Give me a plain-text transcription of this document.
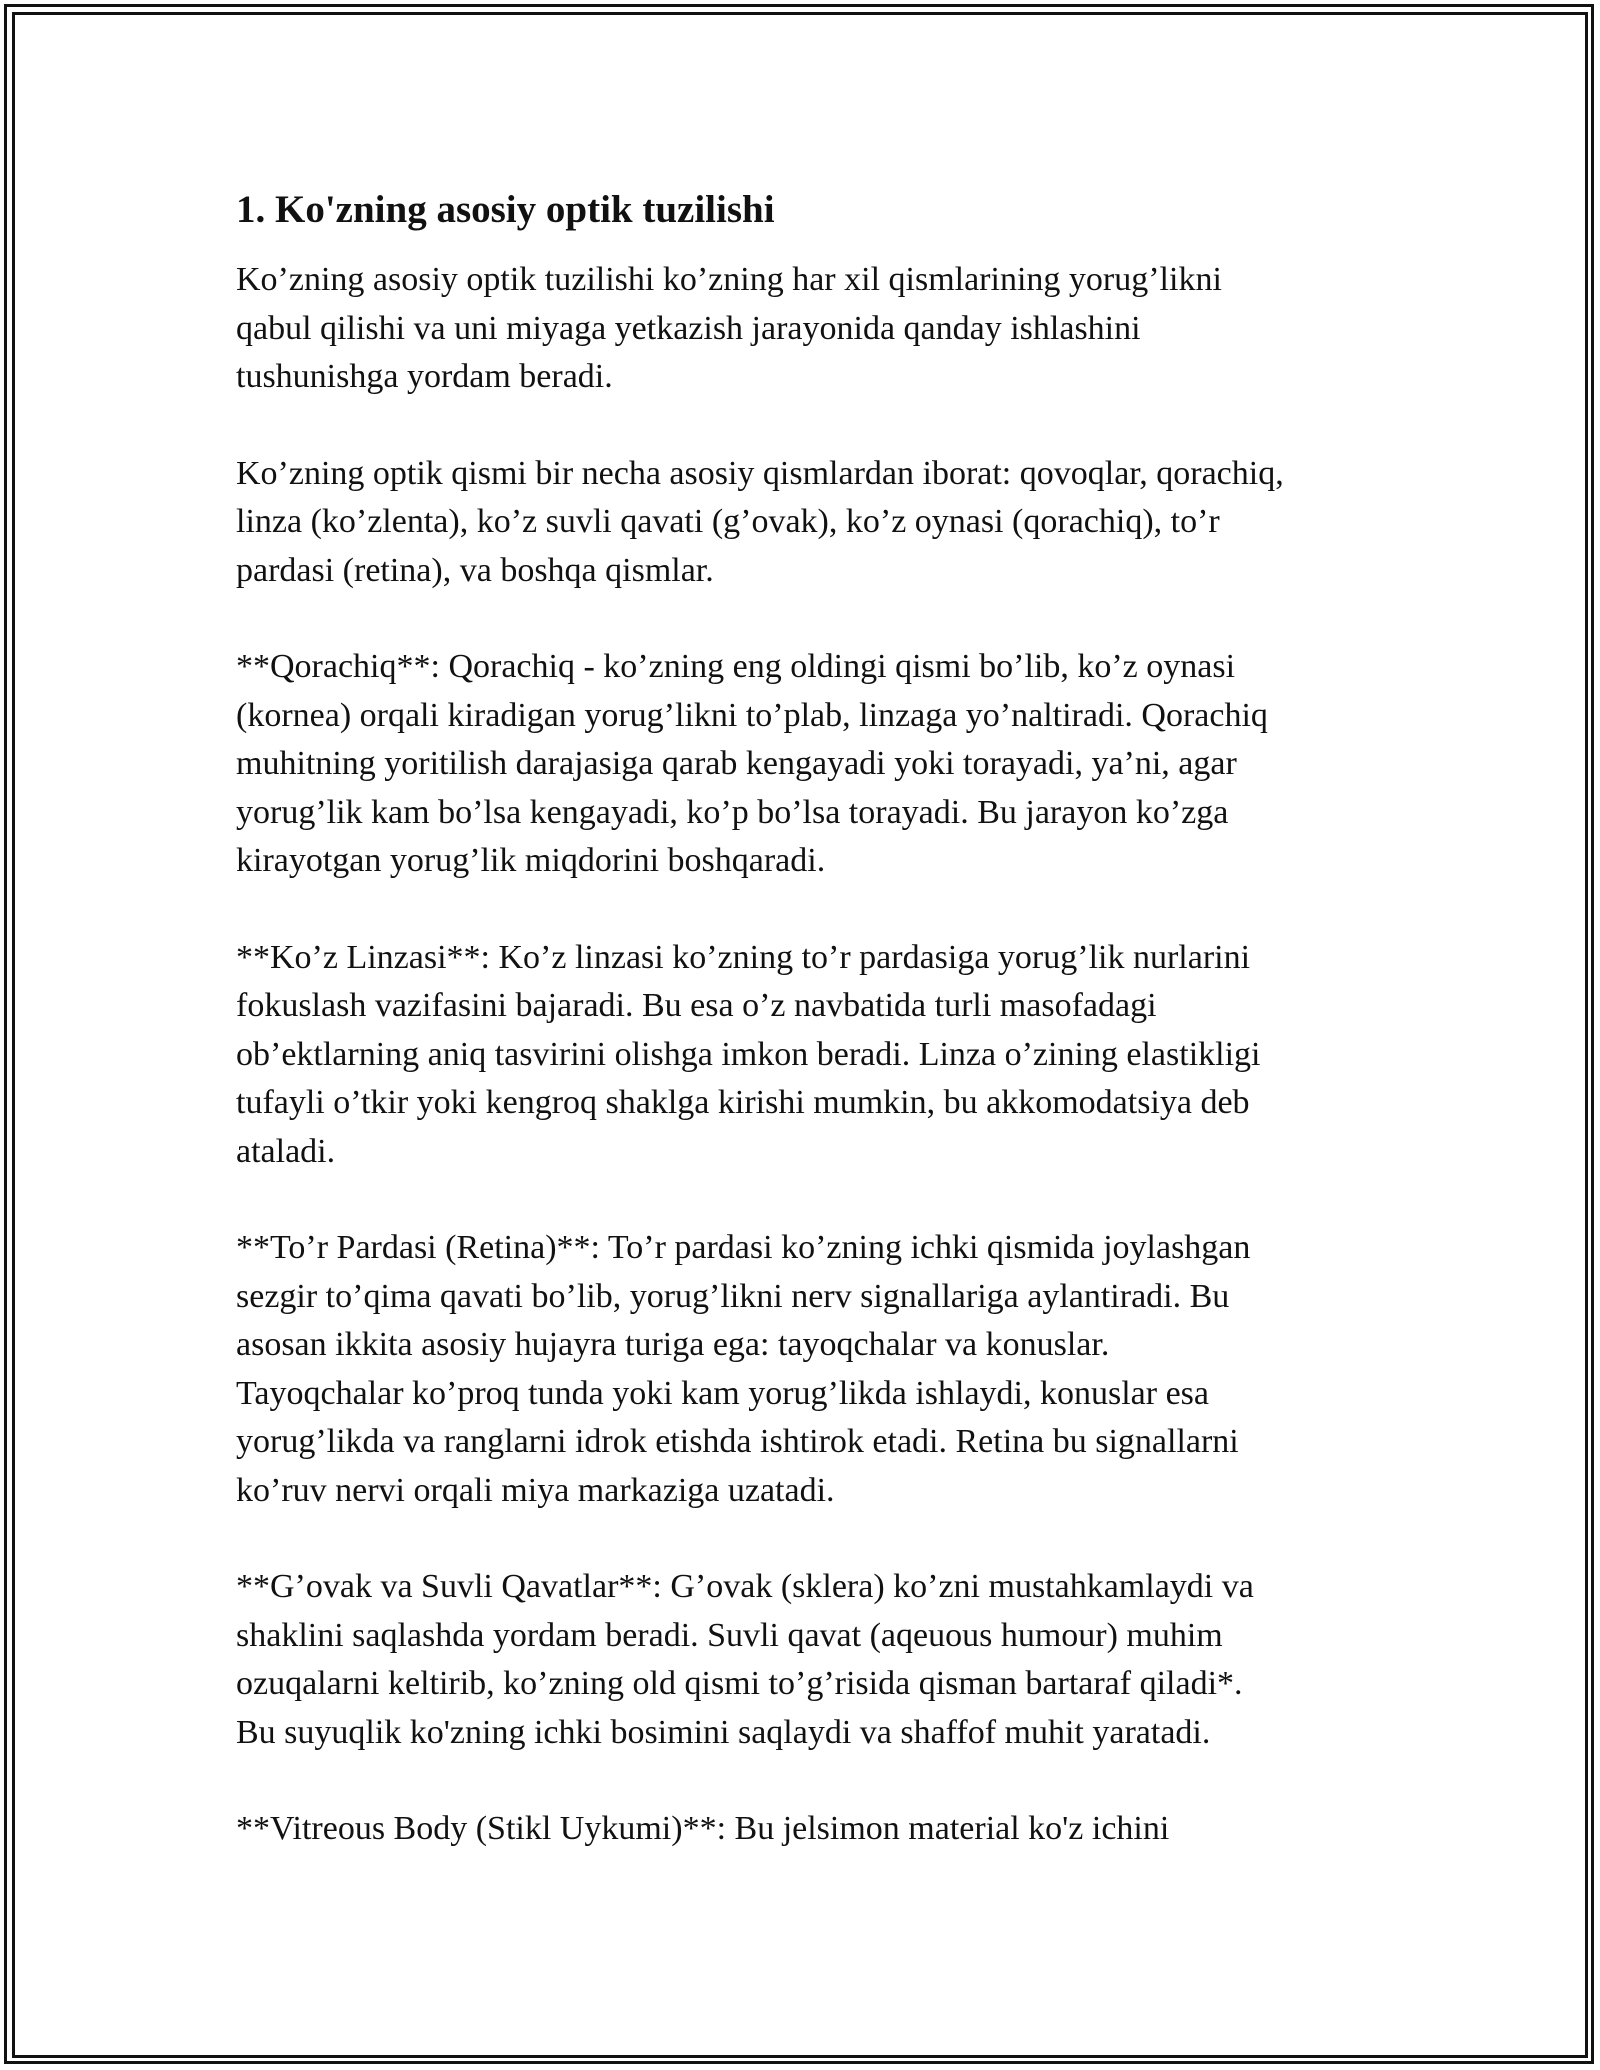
1. Ko'zning asosiy optik tuzilishi
Ko’zning asosiy optik tuzilishi ko’zning har xil qismlarining yorug’likni
qabul qilishi va uni miyaga yetkazish jarayonida qanday ishlashini
tushunishga yordam beradi.
Ko’zning optik qismi bir necha asosiy qismlardan iborat: qovoqlar, qorachiq,
linza (ko’zlenta), ko’z suvli qavati (g’ovak), ko’z oynasi (qorachiq), to’r
pardasi (retina), va boshqa qismlar.
**Qorachiq**: Qorachiq - ko’zning eng oldingi qismi bo’lib, ko’z oynasi
(kornea) orqali kiradigan yorug’likni to’plab, linzaga yo’naltiradi. Qorachiq
muhitning yoritilish darajasiga qarab kengayadi yoki torayadi, ya’ni, agar
yorug’lik kam bo’lsa kengayadi, ko’p bo’lsa torayadi. Bu jarayon ko’zga
kirayotgan yorug’lik miqdorini boshqaradi.
**Ko’z Linzasi**: Ko’z linzasi ko’zning to’r pardasiga yorug’lik nurlarini
fokuslash vazifasini bajaradi. Bu esa o’z navbatida turli masofadagi
ob’ektlarning aniq tasvirini olishga imkon beradi. Linza o’zining elastikligi
tufayli o’tkir yoki kengroq shaklga kirishi mumkin, bu akkomodatsiya deb
ataladi.
**To’r Pardasi (Retina)**: To’r pardasi ko’zning ichki qismida joylashgan
sezgir to’qima qavati bo’lib, yorug’likni nerv signallariga aylantiradi. Bu
asosan ikkita asosiy hujayra turiga ega: tayoqchalar va konuslar.
Tayoqchalar ko’proq tunda yoki kam yorug’likda ishlaydi, konuslar esa
yorug’likda va ranglarni idrok etishda ishtirok etadi. Retina bu signallarni
ko’ruv nervi orqali miya markaziga uzatadi.
**G’ovak va Suvli Qavatlar**: G’ovak (sklera) ko’zni mustahkamlaydi va
shaklini saqlashda yordam beradi. Suvli qavat (aqeuous humour) muhim
ozuqalarni keltirib, ko’zning old qismi to’g’risida qisman bartaraf qiladi*.
Bu suyuqlik ko'zning ichki bosimini saqlaydi va shaffof muhit yaratadi.
**Vitreous Body (Stikl Uykumi)**: Bu jelsimon material ko'z ichini
